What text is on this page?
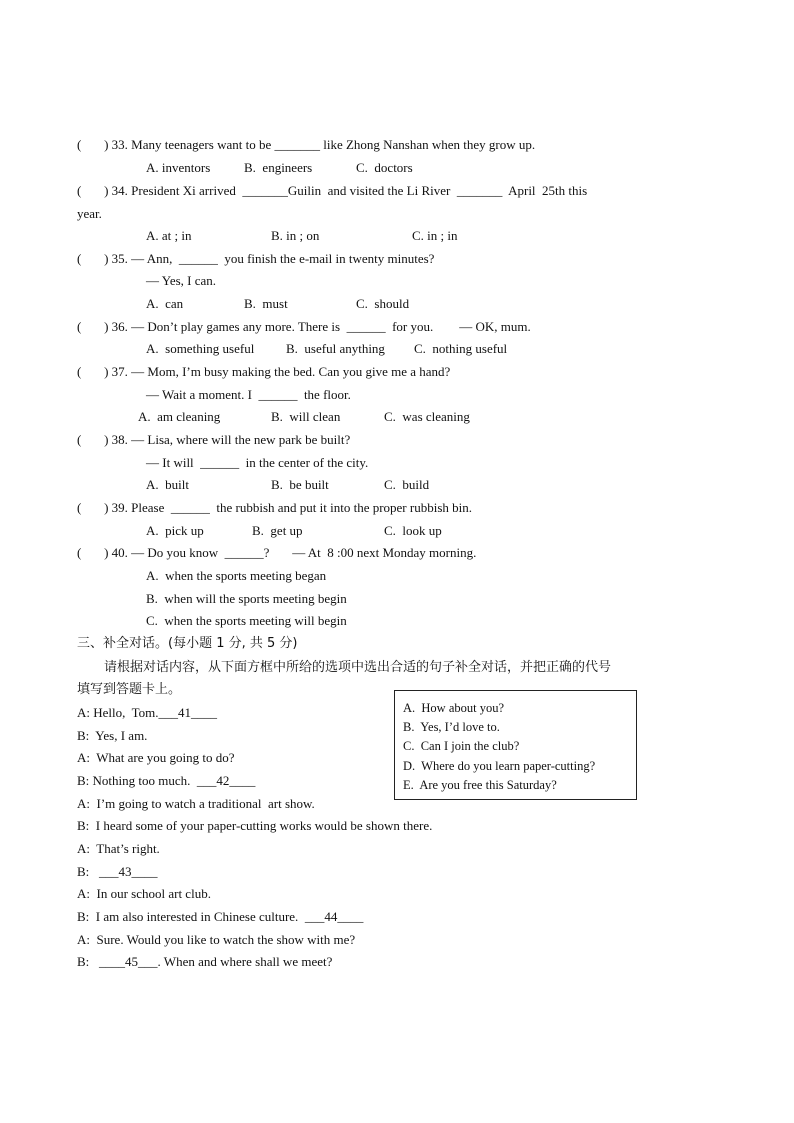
(       ) 33. Many teenagers want to be _______ like Zhong Nanshan when they grow up.
A. inventors	B.  engineers	C.  doctors
(       ) 34. President Xi arrived  _______Guilin  and visited the Li River  _______  April  25th this
year.
A. at ; in	B. in ; on	C. in ; in
(       ) 35. — Ann,  ______  you finish the e-mail in twenty minutes?
— Yes, I can.
A.  can	B.  must	C.  should
(       ) 36. — Don’t play games any more. There is  ______  for you.        — OK, mum.
A.  something useful B.  useful anything C.  nothing useful
(       ) 37. — Mom, I’m busy making the bed. Can you give me a hand?
— Wait a moment. I  ______  the floor.
A.  am cleaning	B.  will clean	C.  was cleaning
(       ) 38. — Lisa, where will the new park be built?
— It will  ______  in the center of the city.
A.  built	B.  be built	C.  build
(       ) 39. Please  ______  the rubbish and put it into the proper rubbish bin.
A.  pick up	B.  get up	C.  look up
(       ) 40. — Do you know  ______?       — At  8 :00 next Monday morning.
A.  when the sports meeting began
B.  when will the sports meeting begin
C.  when the sports meeting will begin
三、补全对话。(每小题 1 分, 共 5 分)
请根据对话内容，从下面方框中所给的选项中选出合适的句子补全对话，并把正确的代号
填写到答题卡上。
A.  How about you?
B.  Yes, I’d love to.
C.  Can I join the club?
D.  Where do you learn paper-cutting?
E.  Are you free this Saturday?
A: Hello,  Tom.___41____
B:  Yes, I am.
A:  What are you going to do?
B: Nothing too much.  ___42____
A:  I’m going to watch a traditional  art show.
B:  I heard some of your paper-cutting works would be shown there.
A:  That’s right.
B:   ___43____
A:  In our school art club.
B:  I am also interested in Chinese culture.  ___44____
A:  Sure. Would you like to watch the show with me?
B:   ____45___. When and where shall we meet?
